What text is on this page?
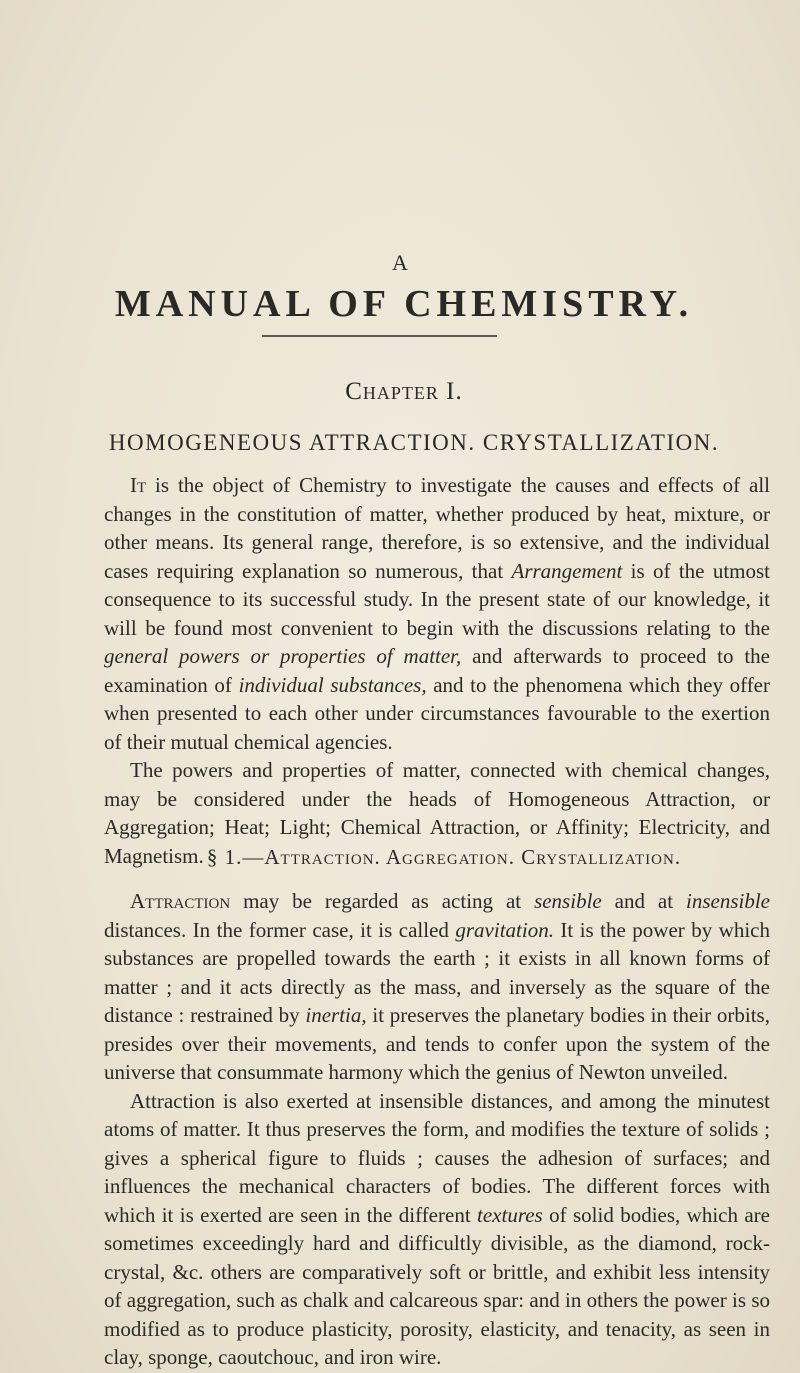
A
MANUAL OF CHEMISTRY.
Chapter I.
HOMOGENEOUS ATTRACTION. CRYSTALLIZATION.

It is the object of Chemistry to investigate the causes and effects of all changes in the constitution of matter, whether produced by heat, mixture, or other means. Its general range, therefore, is so extensive, and the individual cases requiring explanation so numerous, that Arrangement is of the utmost consequence to its successful study. In the present state of our knowledge, it will be found most convenient to begin with the discussions relating to the general powers or properties of matter, and afterwards to proceed to the examination of individual substances, and to the phenomena which they offer when presented to each other under circumstances favourable to the exertion of their mutual chemical agencies.

The powers and properties of matter, connected with chemical changes, may be considered under the heads of Homogeneous Attraction, or Aggregation; Heat; Light; Chemical Attraction, or Affinity; Electricity, and Magnetism. § 1.—Attraction. Aggregation. Crystallization.

Attraction may be regarded as acting at sensible and at insensible distances. In the former case, it is called gravitation. It is the power by which substances are propelled towards the earth ; it exists in all known forms of matter ; and it acts directly as the mass, and inversely as the square of the distance : restrained by inertia, it preserves the planetary bodies in their orbits, presides over their movements, and tends to confer upon the system of the universe that consummate harmony which the genius of Newton unveiled.

Attraction is also exerted at insensible distances, and among the minutest atoms of matter. It thus preserves the form, and modifies the texture of solids ; gives a spherical figure to fluids ; causes the adhesion of surfaces; and influences the mechanical characters of bodies. The different forces with which it is exerted are seen in the different textures of solid bodies, which are sometimes exceedingly hard and difficultly divisible, as the diamond, rock-crystal, &c. others are comparatively soft or brittle, and exhibit less intensity of aggregation, such as chalk and calcareous spar: and in others the power is so modified as to produce plasticity, porosity, elasticity, and tenacity, as seen in clay, sponge, caoutchouc, and iron wire.
